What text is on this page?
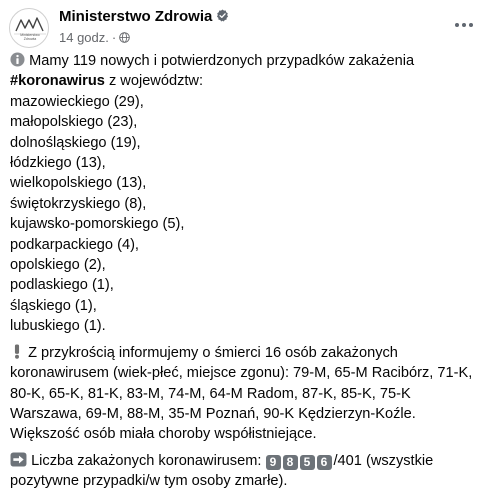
Ministerstwo Zdrowia
Ministerstwo Zdrowia
14 godz. ·
Mamy 119 nowych i potwierdzonych przypadków zakażenia
#koronawirus z województw:
mazowieckiego (29),
małopolskiego (23),
dolnośląskiego (19),
łódzkiego (13),
wielkopolskiego (13),
świętokrzyskiego (8),
kujawsko-pomorskiego (5),
podkarpackiego (4),
opolskiego (2),
podlaskiego (1),
śląskiego (1),
lubuskiego (1).
Z przykrością informujemy o śmierci 16 osób zakażonych
koronawirusem (wiek-płeć, miejsce zgonu): 79-M, 65-M Racibórz, 71-K,
80-K, 65-K, 81-K, 83-M, 74-M, 64-M Radom, 87-K, 85-K, 75-K
Warszawa, 69-M, 88-M, 35-M Poznań, 90-K Kędzierzyn-Koźle.
Większość osób miała choroby współistniejące.
Liczba zakażonych koronawirusem: 9 8 5 6 /401 (wszystkie
pozytywne przypadki/w tym osoby zmarłe).
